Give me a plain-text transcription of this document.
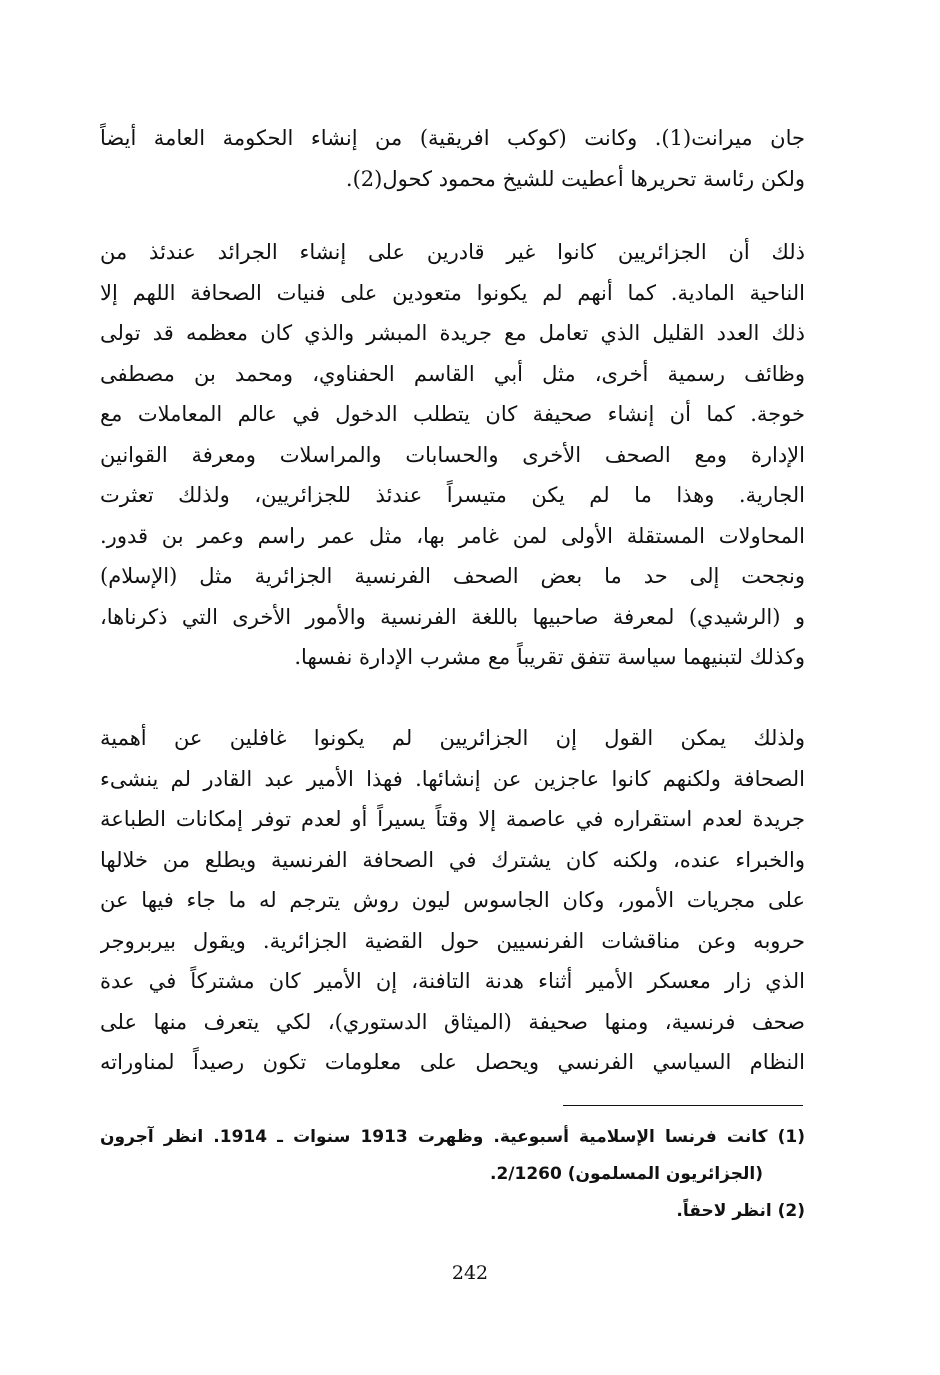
جان ميرانت(1). وكانت (كوكب افريقية) من إنشاء الحكومة العامة أيضاً
ولكن رئاسة تحريرها أعطيت للشيخ محمود كحول(2).
ذلك أن الجزائريين كانوا غير قادرين على إنشاء الجرائد عندئذ من
الناحية المادية. كما أنهم لم يكونوا متعودين على فنيات الصحافة اللهم إلا
ذلك العدد القليل الذي تعامل مع جريدة المبشر والذي كان معظمه قد تولى
وظائف رسمية أخرى، مثل أبي القاسم الحفناوي، ومحمد بن مصطفى
خوجة. كما أن إنشاء صحيفة كان يتطلب الدخول في عالم المعاملات مع
الإدارة ومع الصحف الأخرى والحسابات والمراسلات ومعرفة القوانين
الجارية. وهذا ما لم يكن متيسراً عندئذ للجزائريين، ولذلك تعثرت
المحاولات المستقلة الأولى لمن غامر بها، مثل عمر راسم وعمر بن قدور.
ونجحت إلى حد ما بعض الصحف الفرنسية الجزائرية مثل (الإسلام)
و (الرشيدي) لمعرفة صاحبيها باللغة الفرنسية والأمور الأخرى التي ذكرناها،
وكذلك لتبنيهما سياسة تتفق تقريباً مع مشرب الإدارة نفسها.
ولذلك يمكن القول إن الجزائريين لم يكونوا غافلين عن أهمية
الصحافة ولكنهم كانوا عاجزين عن إنشائها. فهذا الأمير عبد القادر لم ينشىء
جريدة لعدم استقراره في عاصمة إلا وقتاً يسيراً أو لعدم توفر إمكانات الطباعة
والخبراء عنده، ولكنه كان يشترك في الصحافة الفرنسية ويطلع من خلالها
على مجريات الأمور، وكان الجاسوس ليون روش يترجم له ما جاء فيها عن
حروبه وعن مناقشات الفرنسيين حول القضية الجزائرية. ويقول بيربروجر
الذي زار معسكر الأمير أثناء هدنة التافنة، إن الأمير كان مشتركاً في عدة
صحف فرنسية، ومنها صحيفة (الميثاق الدستوري)، لكي يتعرف منها على
النظام السياسي الفرنسي ويحصل على معلومات تكون رصيداً لمناوراته
(1) كانت فرنسا الإسلامية أسبوعية. وظهرت 1913 سنوات ـ 1914. انظر آجرون
(الجزائريون المسلمون) 2/1260.
(2) انظر لاحقاً.
242
